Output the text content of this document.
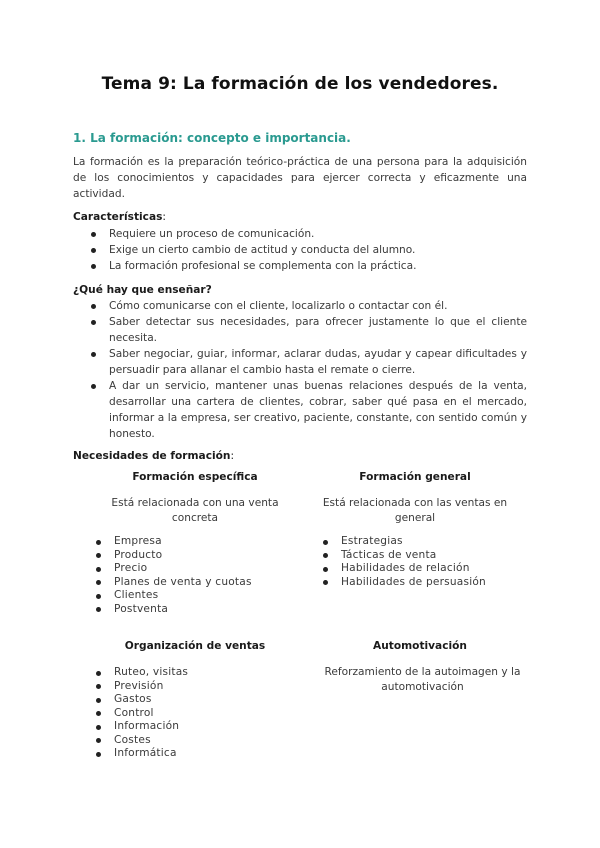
Tema 9: La formación de los vendedores.
1. La formación: concepto e importancia.
La formación es la preparación teórico-práctica de una persona para la adquisición de los conocimientos y capacidades para ejercer correcta y eficazmente una actividad.
Características:
Requiere un proceso de comunicación.
Exige un cierto cambio de actitud y conducta del alumno.
La formación profesional se complementa con la práctica.
¿Qué hay que enseñar?
Cómo comunicarse con el cliente, localizarlo o contactar con él.
Saber detectar sus necesidades, para ofrecer justamente lo que el cliente necesita.
Saber negociar, guiar, informar, aclarar dudas, ayudar y capear dificultades y persuadir para allanar el cambio hasta el remate o cierre.
A dar un servicio, mantener unas buenas relaciones después de la venta, desarrollar una cartera de clientes, cobrar, saber qué pasa en el mercado, informar a la empresa, ser creativo, paciente, constante, con sentido común y honesto.
Necesidades de formación:
Formación específica
Está relacionada con una venta concreta
Empresa
Producto
Precio
Planes de venta y cuotas
Clientes
Postventa
Formación general
Está relacionada con las ventas en general
Estrategias
Tácticas de venta
Habilidades de relación
Habilidades de persuasión
Organización de ventas
Ruteo, visitas
Previsión
Gastos
Control
Información
Costes
Informática
Automotivación
Reforzamiento de la autoimagen y la automotivación
